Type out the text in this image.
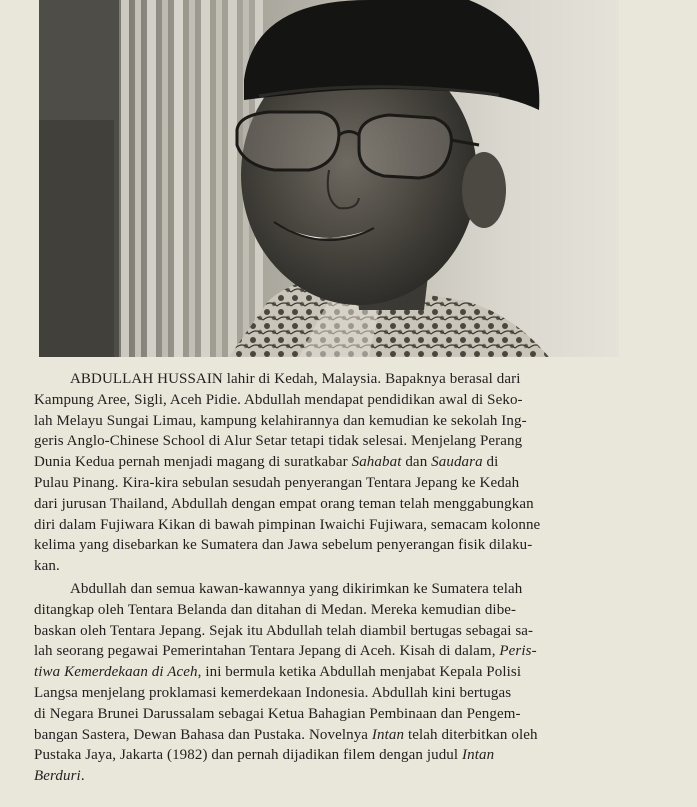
ABDULLAH HUSSAIN lahir di Kedah, Malaysia. Bapaknya berasal dari
Kampung Aree, Sigli, Aceh Pidie. Abdullah mendapat pendidikan awal di Seko-
lah Melayu Sungai Limau, kampung kelahirannya dan kemudian ke sekolah Ing-
geris Anglo-Chinese School di Alur Setar tetapi tidak selesai. Menjelang Perang
Dunia Kedua pernah menjadi magang di suratkabar Sahabat dan Saudara di
Pulau Pinang. Kira-kira sebulan sesudah penyerangan Tentara Jepang ke Kedah
dari jurusan Thailand, Abdullah dengan empat orang teman telah menggabungkan
diri dalam Fujiwara Kikan di bawah pimpinan Iwaichi Fujiwara, semacam kolonne
kelima yang disebarkan ke Sumatera dan Jawa sebelum penyerangan fisik dilaku-
kan.

Abdullah dan semua kawan-kawannya yang dikirimkan ke Sumatera telah
ditangkap oleh Tentara Belanda dan ditahan di Medan. Mereka kemudian dibe-
baskan oleh Tentara Jepang. Sejak itu Abdullah telah diambil bertugas sebagai sa-
lah seorang pegawai Pemerintahan Tentara Jepang di Aceh. Kisah di dalam, Peris-
tiwa Kemerdekaan di Aceh, ini bermula ketika Abdullah menjabat Kepala Polisi
Langsa menjelang proklamasi kemerdekaan Indonesia. Abdullah kini bertugas
di Negara Brunei Darussalam sebagai Ketua Bahagian Pembinaan dan Pengem-
bangan Sastera, Dewan Bahasa dan Pustaka. Novelnya Intan telah diterbitkan oleh
Pustaka Jaya, Jakarta (1982) dan pernah dijadikan filem dengan judul Intan
Berduri.
